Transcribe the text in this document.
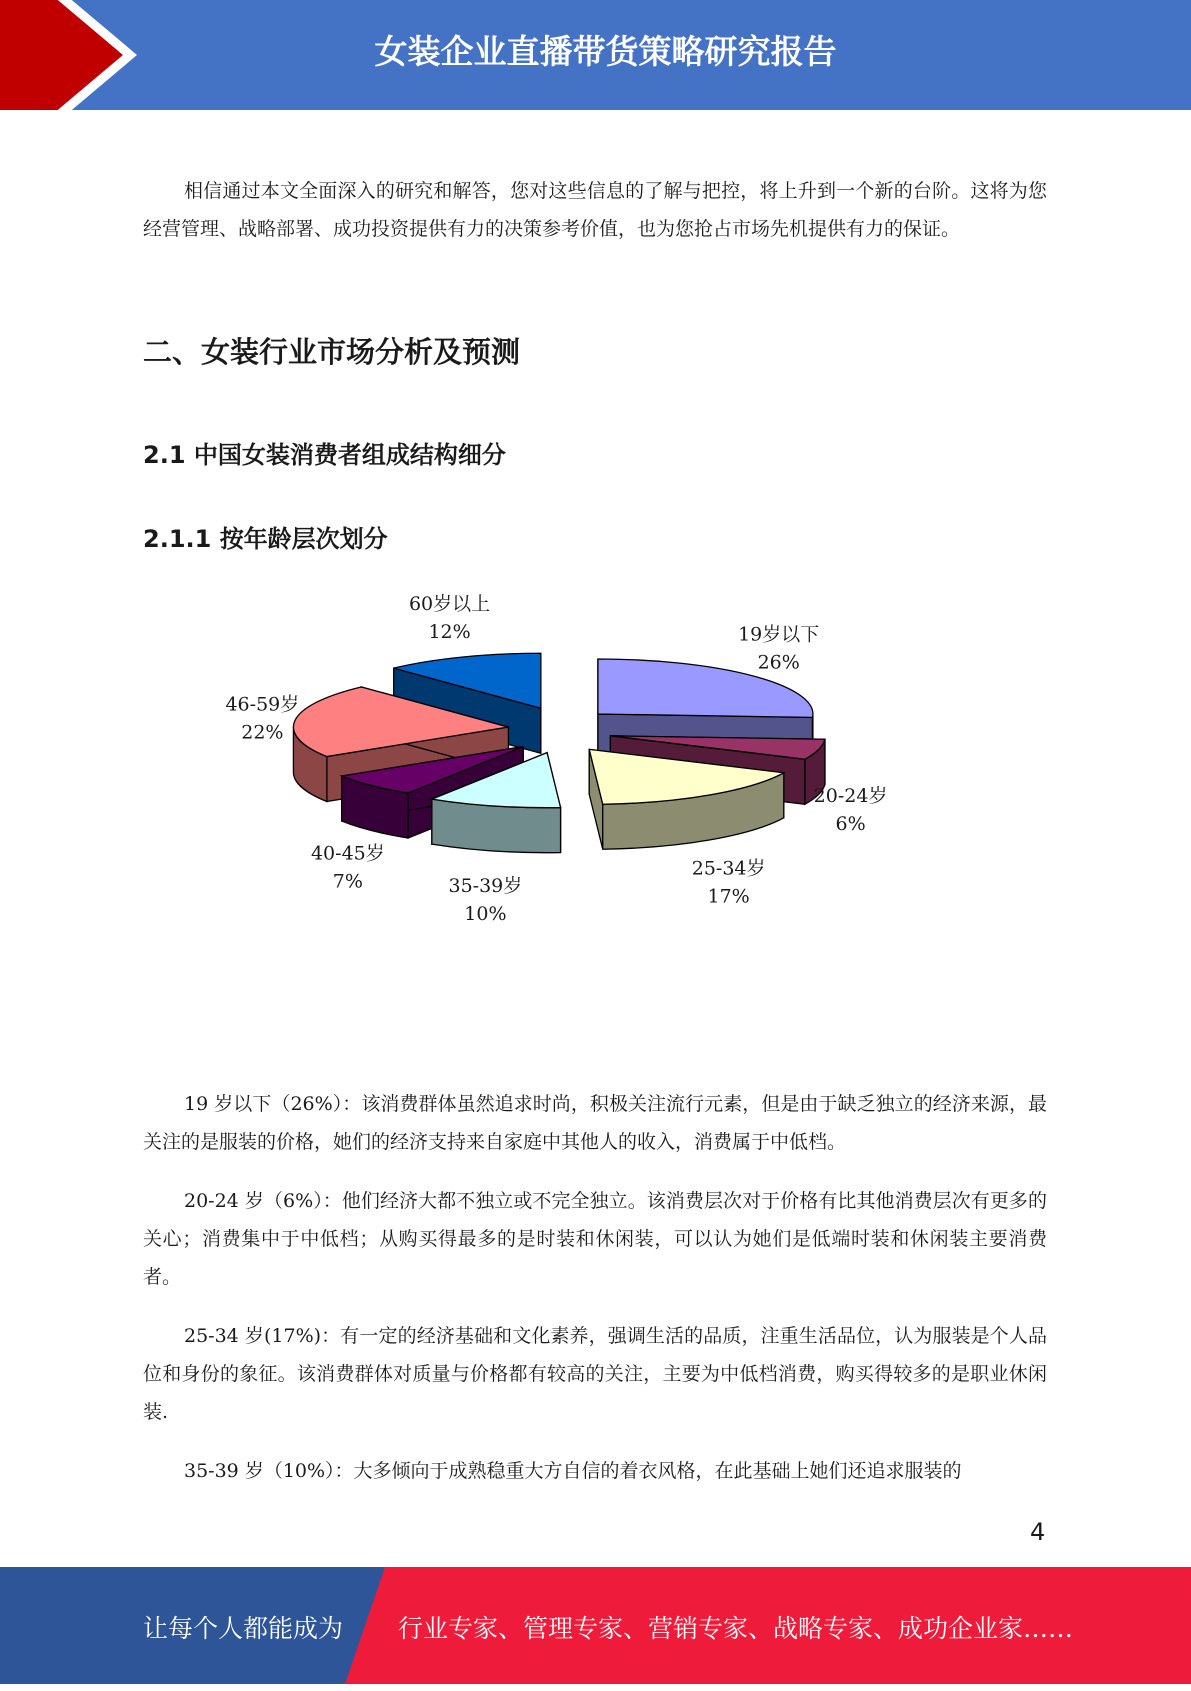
女装企业直播带货策略研究报告

相信通过本文全面深入的研究和解答，您对这些信息的了解与把控，将上升到一个新的台阶。这将为您经营管理、战略部署、成功投资提供有力的决策参考价值，也为您抢占市场先机提供有力的保证。

二、女装行业市场分析及预测
2.1 中国女装消费者组成结构细分
2.1.1 按年龄层次划分
19岁以下
26%
20-24岁
6%
25-34岁
17%
35-39岁
10%
40-45岁
7%
46-59岁
22%
60岁以上
12%

19 岁以下（26%）：该消费群体虽然追求时尚，积极关注流行元素，但是由于缺乏独立的经济来源，最关注的是服装的价格，她们的经济支持来自家庭中其他人的收入，消费属于中低档。

20-24 岁（6%）：他们经济大都不独立或不完全独立。该消费层次对于价格有比其他消费层次有更多的关心；消费集中于中低档；从购买得最多的是时装和休闲装，可以认为她们是低端时装和休闲装主要消费者。

25-34 岁(17%)：有一定的经济基础和文化素养，强调生活的品质，注重生活品位，认为服装是个人品位和身份的象征。该消费群体对质量与价格都有较高的关注，主要为中低档消费，购买得较多的是职业休闲装.

35-39 岁（10%）：大多倾向于成熟稳重大方自信的着衣风格，在此基础上她们还追求服装的

4
让每个人都能成为 行业专家、管理专家、营销专家、战略专家、成功企业家……
